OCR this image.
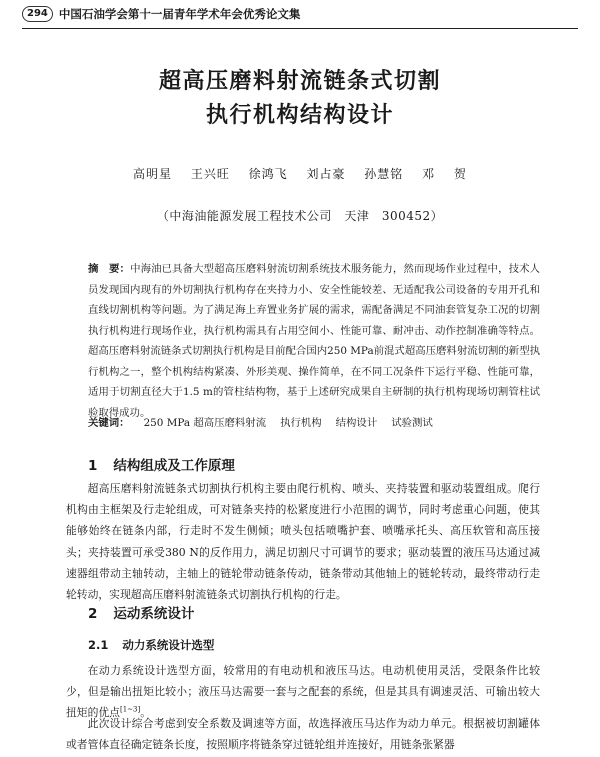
294 中国石油学会第十一届青年学术年会优秀论文集
超高压磨料射流链条式切割
执行机构结构设计
高明星 王兴旺 徐鸿飞 刘占豪 孙慧铭 邓 贺
（中海油能源发展工程技术公司　天津　300452）

摘　要：中海油已具备大型超高压磨料射流切割系统技术服务能力，然而现场作业过程中，技术人员发现国内现有的外切割执行机构存在夹持力小、安全性能较差、无适配我公司设备的专用开孔和直线切割机构等问题。为了满足海上弃置业务扩展的需求，需配备满足不同油套管复杂工况的切割执行机构进行现场作业，执行机构需具有占用空间小、性能可靠、耐冲击、动作控制准确等特点。超高压磨料射流链条式切割执行机构是目前配合国内250 MPa前混式超高压磨料射流切割的新型执行机构之一，整个机构结构紧凑、外形美观、操作简单，在不同工况条件下运行平稳、性能可靠，适用于切割直径大于1.5 m的管柱结构物，基于上述研究成果自主研制的执行机构现场切割管柱试验取得成功。

关键词： 250 MPa 超高压磨料射流 执行机构 结构设计 试验测试
1 结构组成及工作原理

超高压磨料射流链条式切割执行机构主要由爬行机构、喷头、夹持装置和驱动装置组成。爬行机构由主框架及行走轮组成，可对链条夹持的松紧度进行小范围的调节，同时考虑重心问题，使其能够始终在链条内部，行走时不发生侧倾；喷头包括喷嘴护套、喷嘴承托头、高压软管和高压接头；夹持装置可承受380 N的反作用力，满足切割尺寸可调节的要求；驱动装置的液压马达通过减速器组带动主轴转动，主轴上的链轮带动链条传动，链条带动其他轴上的链轮转动，最终带动行走轮转动，实现超高压磨料射流链条式切割执行机构的行走。

2 运动系统设计
2.1 动力系统设计选型

在动力系统设计选型方面，较常用的有电动机和液压马达。电动机使用灵活，受限条件比较少，但是输出扭矩比较小；液压马达需要一套与之配套的系统，但是其具有调速灵活、可输出较大扭矩的优点[1~3]。

此次设计综合考虑到安全系数及调速等方面，故选择液压马达作为动力单元。根据被切割罐体或者管体直径确定链条长度，按照顺序将链条穿过链轮组并连接好，用链条张紧器
